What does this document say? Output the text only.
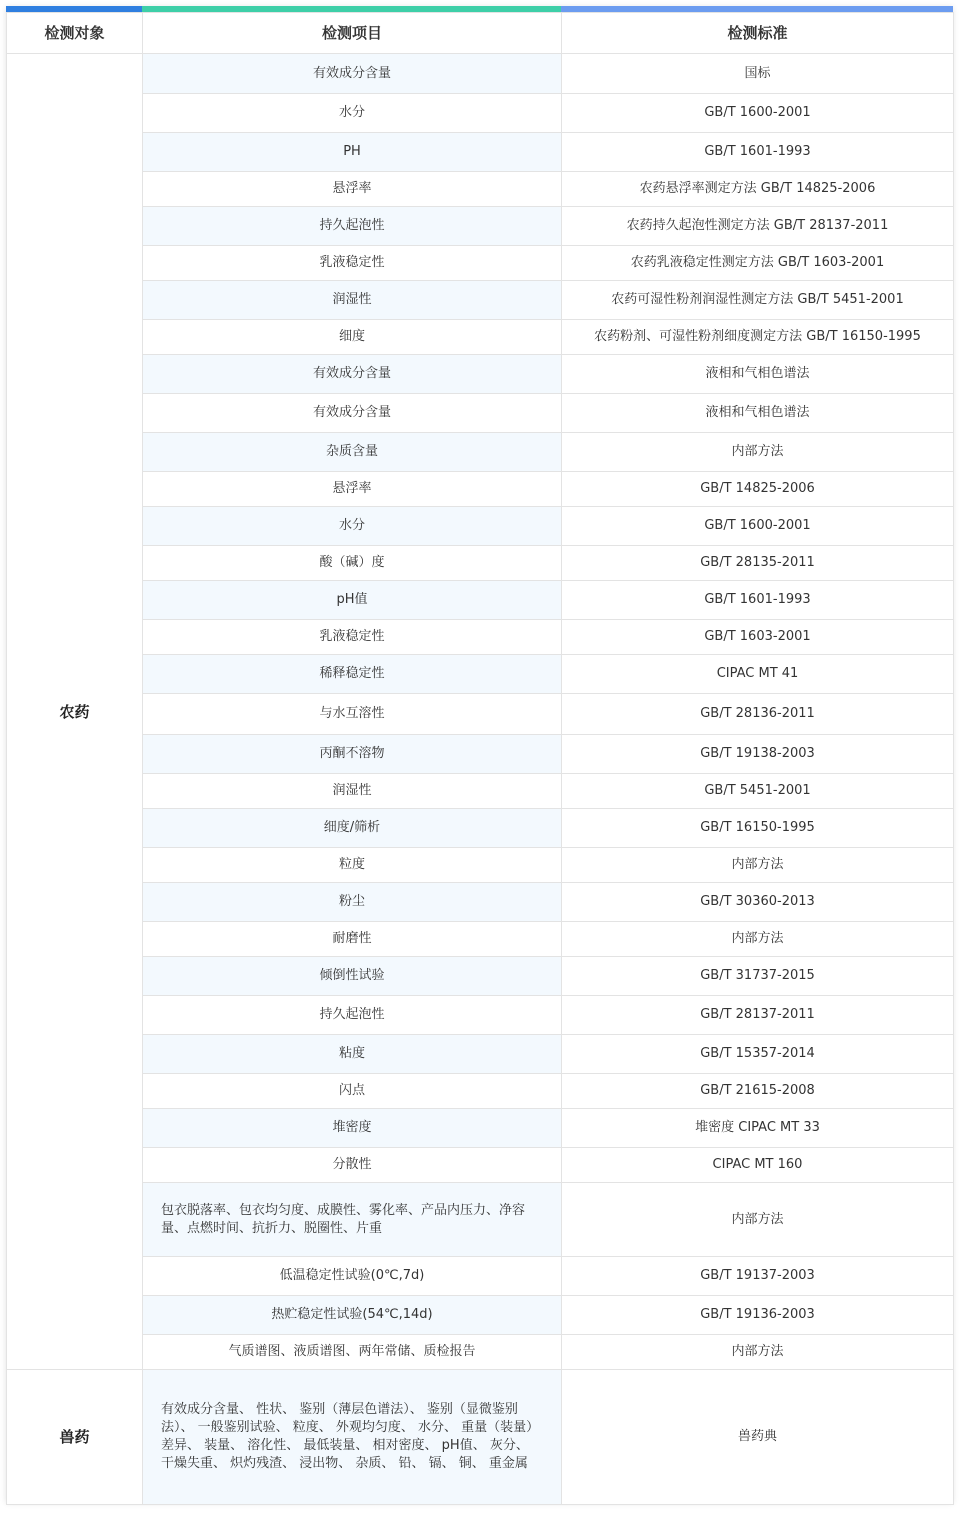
检测对象	检测项目	检测标准
农药	有效成分含量	国标
	水分	GB/T 1600-2001
	PH	GB/T 1601-1993
	悬浮率	农药悬浮率测定方法 GB/T 14825-2006
	持久起泡性	农药持久起泡性测定方法 GB/T 28137-2011
	乳液稳定性	农药乳液稳定性测定方法 GB/T 1603-2001
	润湿性	农药可湿性粉剂润湿性测定方法 GB/T 5451-2001
	细度	农药粉剂、可湿性粉剂细度测定方法 GB/T 16150-1995
	有效成分含量	液相和气相色谱法
	有效成分含量	液相和气相色谱法
	杂质含量	内部方法
	悬浮率	GB/T 14825-2006
	水分	GB/T 1600-2001
	酸（碱）度	GB/T 28135-2011
	pH值	GB/T 1601-1993
	乳液稳定性	GB/T 1603-2001
	稀释稳定性	CIPAC MT 41
	与水互溶性	GB/T 28136-2011
	丙酮不溶物	GB/T 19138-2003
	润湿性	GB/T 5451-2001
	细度/筛析	GB/T 16150-1995
	粒度	内部方法
	粉尘	GB/T 30360-2013
	耐磨性	内部方法
	倾倒性试验	GB/T 31737-2015
	持久起泡性	GB/T 28137-2011
	粘度	GB/T 15357-2014
	闪点	GB/T 21615-2008
	堆密度	堆密度 CIPAC MT 33
	分散性	CIPAC MT 160
	包衣脱落率、包衣均匀度、成膜性、雾化率、产品内压力、净容量、点燃时间、抗折力、脱圈性、片重	内部方法
	低温稳定性试验(0℃,7d)	GB/T 19137-2003
	热贮稳定性试验(54℃,14d)	GB/T 19136-2003
	气质谱图、液质谱图、两年常储、质检报告	内部方法
兽药	有效成分含量、 性状、 鉴别（薄层色谱法）、 鉴别（显微鉴别法）、 一般鉴别试验、 粒度、 外观均匀度、 水分、 重量（装量）差异、 装量、 溶化性、 最低装量、 相对密度、 pH值、 灰分、 干燥失重、 炽灼残渣、 浸出物、 杂质、 铅、 镉、 铜、 重金属	兽药典
